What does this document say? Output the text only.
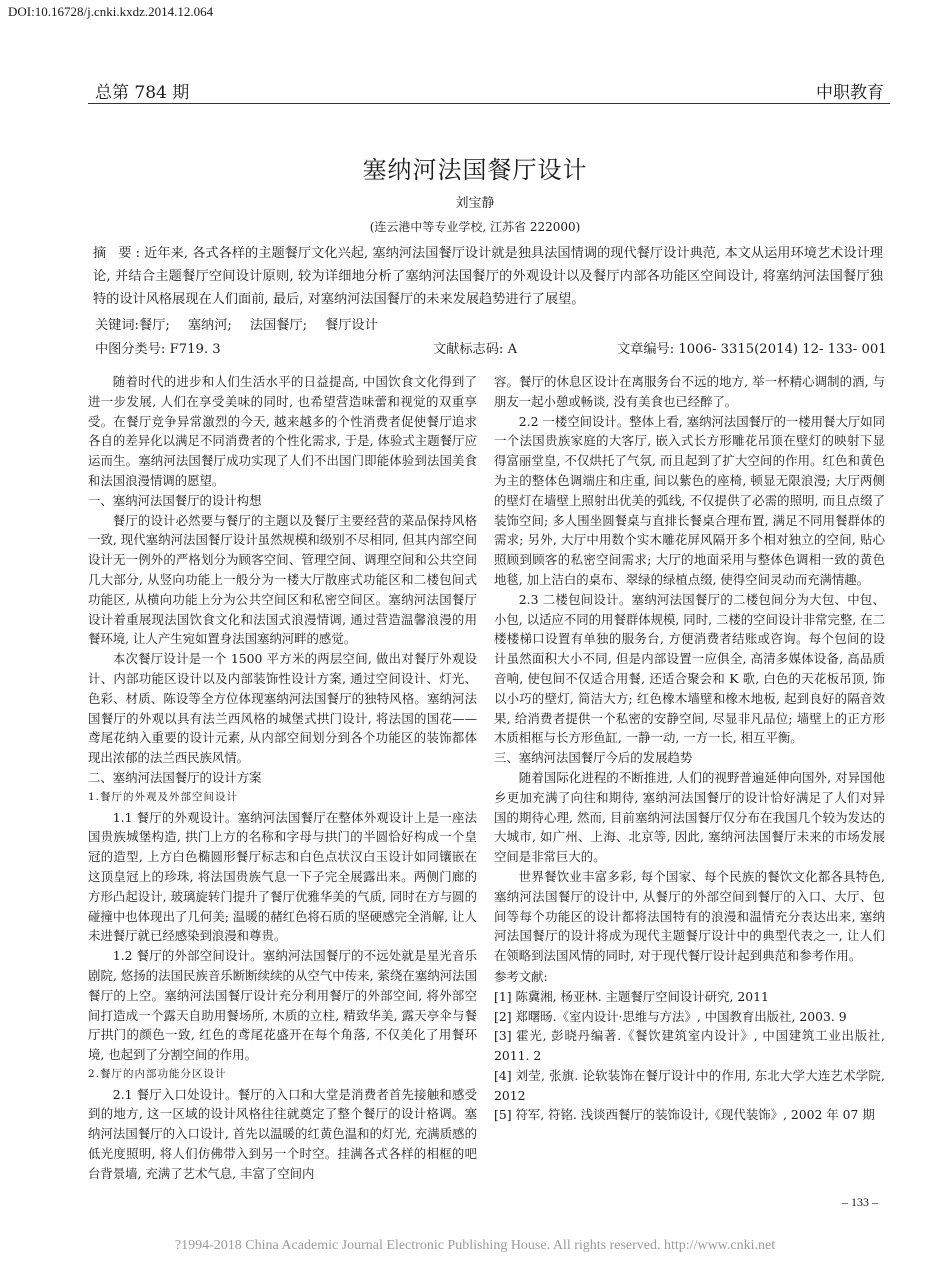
DOI:10.16728/j.cnki.kxdz.2014.12.064
总第 784 期	中职教育
塞纳河法国餐厅设计
刘宝静
(连云港中等专业学校, 江苏省 222000)

摘 要:近年来, 各式各样的主题餐厅文化兴起, 塞纳河法国餐厅设计就是独具法国情调的现代餐厅设计典范, 本文从运用环境艺术设计理论, 并结合主题餐厅空间设计原则, 较为详细地分析了塞纳河法国餐厅的外观设计以及餐厅内部各功能区空间设计, 将塞纳河法国餐厅独特的设计风格展现在人们面前, 最后, 对塞纳河法国餐厅的未来发展趋势进行了展望。

关键词:餐厅; 塞纳河; 法国餐厅; 餐厅设计
中图分类号: F719. 3	文献标志码: A	文章编号: 1006- 3315(2014) 12- 133- 001

随着时代的进步和人们生活水平的日益提高, 中国饮食文化得到了进一步发展, 人们在享受美味的同时, 也希望营造味蕾和视觉的双重享受。在餐厅竞争异常激烈的今天, 越来越多的个性消费者促使餐厅追求各自的差异化以满足不同消费者的个性化需求, 于是, 体验式主题餐厅应运而生。塞纳河法国餐厅成功实现了人们不出国门即能体验到法国美食和法国浪漫情调的愿望。

一、塞纳河法国餐厅的设计构想

餐厅的设计必然要与餐厅的主题以及餐厅主要经营的菜品保持风格一致, 现代塞纳河法国餐厅设计虽然规模和级别不尽相同, 但其内部空间设计无一例外的严格划分为顾客空间、管理空间、调理空间和公共空间几大部分, 从竖向功能上一般分为一楼大厅散座式功能区和二楼包间式功能区, 从横向功能上分为公共空间区和私密空间区。塞纳河法国餐厅设计着重展现法国饮食文化和法国式浪漫情调, 通过营造温馨浪漫的用餐环境, 让人产生宛如置身法国塞纳河畔的感觉。

本次餐厅设计是一个 1500 平方米的两层空间, 做出对餐厅外观设计、内部功能区设计以及内部装饰性设计方案, 通过空间设计、灯光、色彩、材质、陈设等全方位体现塞纳河法国餐厅的独特风格。塞纳河法国餐厅的外观以具有法兰西风格的城堡式拱门设计, 将法国的国花——鸢尾花纳入重要的设计元素, 从内部空间划分到各个功能区的装饰都体现出浓郁的法兰西民族风情。

二、塞纳河法国餐厅的设计方案

1.餐厅的外观及外部空间设计

1.1 餐厅的外观设计。塞纳河法国餐厅在整体外观设计上是一座法国贵族城堡构造, 拱门上方的名称和字母与拱门的半圆恰好构成一个皇冠的造型, 上方白色椭圆形餐厅标志和白色点状汉白玉设计如同镶嵌在这顶皇冠上的珍珠, 将法国贵族气息一下子完全展露出来。两侧门廊的方形凸起设计, 玻璃旋转门提升了餐厅优雅华美的气质, 同时在方与圆的碰撞中也体现出了几何美; 温暖的赭红色将石质的坚硬感完全消解, 让人未进餐厅就已经感染到浪漫和尊贵。

1.2 餐厅的外部空间设计。塞纳河法国餐厅的不远处就是星光音乐剧院, 悠扬的法国民族音乐断断续续的从空气中传来, 萦绕在塞纳河法国餐厅的上空。塞纳河法国餐厅设计充分利用餐厅的外部空间, 将外部空间打造成一个露天自助用餐场所, 木质的立柱, 精致华美, 露天亭伞与餐厅拱门的颜色一致, 红色的鸢尾花盛开在每个角落, 不仅美化了用餐环境, 也起到了分割空间的作用。

2.餐厅的内部功能分区设计

2.1 餐厅入口处设计。餐厅的入口和大堂是消费者首先接触和感受到的地方, 这一区域的设计风格往往就奠定了整个餐厅的设计格调。塞纳河法国餐厅的入口设计, 首先以温暖的红黄色温和的灯光, 充满质感的低光度照明, 将人们仿佛带入到另一个时空。挂满各式各样的相框的吧台背景墙, 充满了艺术气息, 丰富了空间内

容。餐厅的休息区设计在离服务台不远的地方, 举一杯精心调制的酒, 与朋友一起小憩或畅谈, 没有美食也已经醉了。

2.2 一楼空间设计。整体上看, 塞纳河法国餐厅的一楼用餐大厅如同一个法国贵族家庭的大客厅, 嵌入式长方形雕花吊顶在壁灯的映射下显得富丽堂皇, 不仅烘托了气氛, 而且起到了扩大空间的作用。红色和黄色为主的整体色调端庄和庄重, 间以紫色的座椅, 顿显无限浪漫; 大厅两侧的壁灯在墙壁上照射出优美的弧线, 不仅提供了必需的照明, 而且点缀了装饰空间; 多人围坐圆餐桌与直排长餐桌合理布置, 满足不同用餐群体的需求; 另外, 大厅中用数个实木雕花屏风隔开多个相对独立的空间, 贴心照顾到顾客的私密空间需求; 大厅的地面采用与整体色调相一致的黄色地毯, 加上洁白的桌布、翠绿的绿植点缀, 使得空间灵动而充满情趣。

2.3 二楼包间设计。塞纳河法国餐厅的二楼包间分为大包、中包、小包, 以适应不同的用餐群体规模, 同时, 二楼的空间设计非常完整, 在二楼楼梯口设置有单独的服务台, 方便消费者结账或咨询。每个包间的设计虽然面积大小不同, 但是内部设置一应俱全, 高清多媒体设备, 高品质音响, 使包间不仅适合用餐, 还适合聚会和 K 歌, 白色的天花板吊顶, 饰以小巧的壁灯, 简洁大方; 红色橡木墙壁和橡木地板, 起到良好的隔音效果, 给消费者提供一个私密的安静空间, 尽显非凡品位; 墙壁上的正方形木质相框与长方形鱼缸, 一静一动, 一方一长, 相互平衡。

三、塞纳河法国餐厅今后的发展趋势

随着国际化进程的不断推进, 人们的视野普遍延伸向国外, 对异国他乡更加充满了向往和期待, 塞纳河法国餐厅的设计恰好满足了人们对异国的期待心理, 然而, 目前塞纳河法国餐厅仅分布在我国几个较为发达的大城市, 如广州、上海、北京等, 因此, 塞纳河法国餐厅未来的市场发展空间是非常巨大的。

世界餐饮业丰富多彩, 每个国家、每个民族的餐饮文化都各具特色, 塞纳河法国餐厅的设计中, 从餐厅的外部空间到餐厅的入口、大厅、包间等每个功能区的设计都将法国特有的浪漫和温情充分表达出来, 塞纳河法国餐厅的设计将成为现代主题餐厅设计中的典型代表之一, 让人们在领略到法国风情的同时, 对于现代餐厅设计起到典范和参考作用。

参考文献:

[1] 陈冀湘, 杨亚林. 主题餐厅空间设计研究, 2011

[2] 郑曙旸.《室内设计·思维与方法》, 中国教育出版社, 2003. 9

[3] 霍光, 彭晓丹编著.《餐饮建筑室内设计》, 中国建筑工业出版社, 2011. 2

[4] 刘莹, 张旗. 论软装饰在餐厅设计中的作用, 东北大学大连艺术学院, 2012

[5] 符军, 符铭. 浅谈西餐厅的装饰设计,《现代装饰》, 2002 年 07 期

– 133 –
?1994-2018 China Academic Journal Electronic Publishing House. All rights reserved. http://www.cnki.net
